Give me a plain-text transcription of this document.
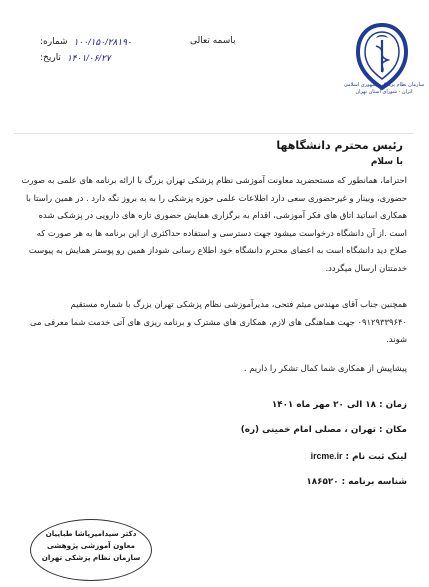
۱۰۰/۱۵۰/۲۸۱۹۰
شماره:
۱۴۰۱/۰۶/۲۷
تاریخ:
باسمه تعالی
سازمان نظام پزشکی جمهوری اسلامی ایران - شورای استان تهران
رئیس محترم دانشگاهها
با سلام
احتراما، همانطور که مستحضرید معاونت آموزشی نظام پزشکی تهران بزرگ با ارائه برنامه های علمی به صورت حضوری، وبینار و غیرحضوری سعی دارد اطلاعات علمی حوزه پزشکی را به به بروز نگه دارد . در همین راستا با همکاری اساتید اتاق های فکر آموزشی، اقدام به برگزاری همایش حضوری تازه های دارویی در پزشکی شده است .از آن دانشگاه درخواست میشود جهت دسترسی و استفاده حداکثری از این برنامه ها به هر صورت که صلاح دید دانشگاه است به اعضای محترم دانشگاه خود اطلاع رسانی شوداز همین رو پوستر همایش به پیوست خدمتتان ارسال میگردد.
همچنین جناب آقای مهندس میثم فتحی، مدیرآموزشی نظام پزشکی تهران بزرگ با شماره مستقیم ۰۹۱۲۹۳۳۹۶۴۰ جهت هماهنگی های لازم، همکاری های مشترک و برنامه ریزی های آتی خدمت شما معرفی می شوند.
پیشاپیش از همکاری شما کمال تشکر را داریم .
زمان : ۱۸ الی ۲۰ مهر ماه ۱۴۰۱
مکان : تهران ، مصلی امام خمینی (ره)
لینک ثبت نام : ircme.ir
شناسه برنامه : ۱۸۶۵۲۰
دکتر سیدامیرپاشا طباییان
معاون آموزشی پژوهشی
سازمان نظام پزشکی تهران
